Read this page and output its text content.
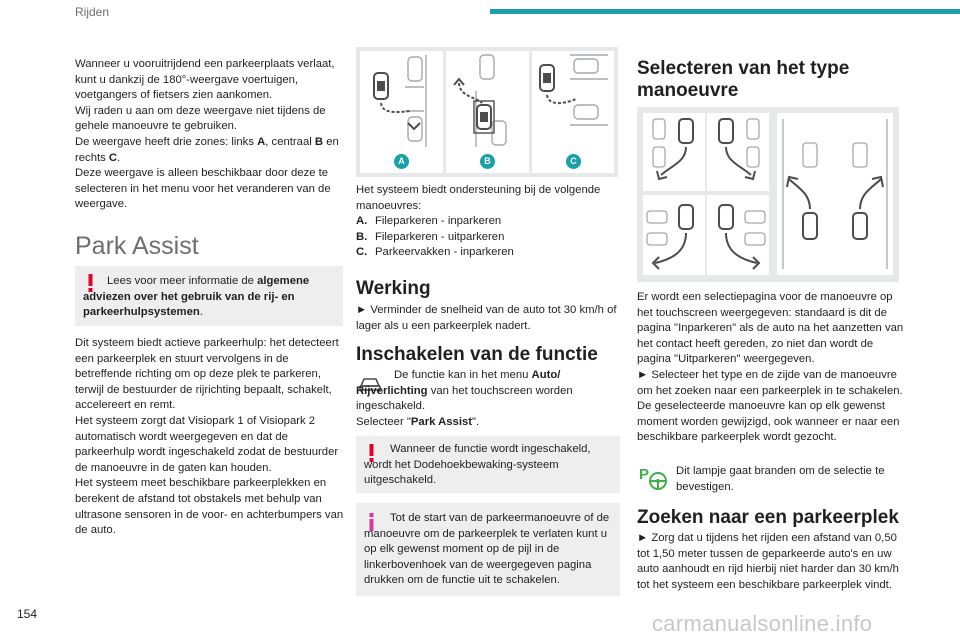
Rijden

Wanneer u vooruitrijdend een parkeerplaats verlaat, kunt u dankzij de 180°-weergave voertuigen, voetgangers of fietsers zien aankomen.

Wij raden u aan om deze weergave niet tijdens de gehele manoeuvre te gebruiken.

De weergave heeft drie zones: links A, centraal B en rechts C.

Deze weergave is alleen beschikbaar door deze te selecteren in het menu voor het veranderen van de weergave.

Park Assist

Lees voor meer informatie de algemene adviezen over het gebruik van de rij- en parkeerhulpsystemen.

Dit systeem biedt actieve parkeerhulp: het detecteert een parkeerplek en stuurt vervolgens in de betreffende richting om op deze plek te parkeren, terwijl de bestuurder de rijrichting bepaalt, schakelt, accelereert en remt.

Het systeem zorgt dat Visiopark 1 of Visiopark 2 automatisch wordt weergegeven en dat de parkeerhulp wordt ingeschakeld zodat de bestuurder de manoeuvre in de gaten kan houden.

Het systeem meet beschikbare parkeerplekken en berekent de afstand tot obstakels met behulp van ultrasone sensoren in de voor- en achterbumpers van de auto.

A	B	C

Het systeem biedt ondersteuning bij de volgende manoeuvres:

A. Fileparkeren - inparkeren
B. Fileparkeren - uitparkeren
C. Parkeervakken - inparkeren
Werking
► Verminder de snelheid van de auto tot 30 km/h of lager als u een parkeerplek nadert.
Inschakelen van de functie

De functie kan in het menu Auto/ Rijverlichting van het touchscreen worden ingeschakeld.

Selecteer "Park Assist".

Wanneer de functie wordt ingeschakeld, wordt het Dodehoekbewaking-systeem uitgeschakeld.
Tot de start van de parkeermanoeuvre of de manoeuvre om de parkeerplek te verlaten kunt u op elk gewenst moment op de pijl in de linkerbovenhoek van de weergegeven pagina drukken om de functie uit te schakelen.
Selecteren van het type manoeuvre

Er wordt een selectiepagina voor de manoeuvre op het touchscreen weergegeven: standaard is dit de pagina "Inparkeren" als de auto na het aanzetten van het contact heeft gereden, zo niet dan wordt de pagina "Uitparkeren" weergegeven.

► Selecteer het type en de zijde van de manoeuvre om het zoeken naar een parkeerplek in te schakelen.

De geselecteerde manoeuvre kan op elk gewenst moment worden gewijzigd, ook wanneer er naar een beschikbare parkeerplek wordt gezocht.

P Dit lampje gaat branden om de selectie te bevestigen.
Zoeken naar een parkeerplek
► Zorg dat u tijdens het rijden een afstand van 0,50 tot 1,50 meter tussen de geparkeerde auto's en uw auto aanhoudt en rijd hierbij niet harder dan 30 km/h tot het systeem een beschikbare parkeerplek vindt.
154	carmanualsonline.info
